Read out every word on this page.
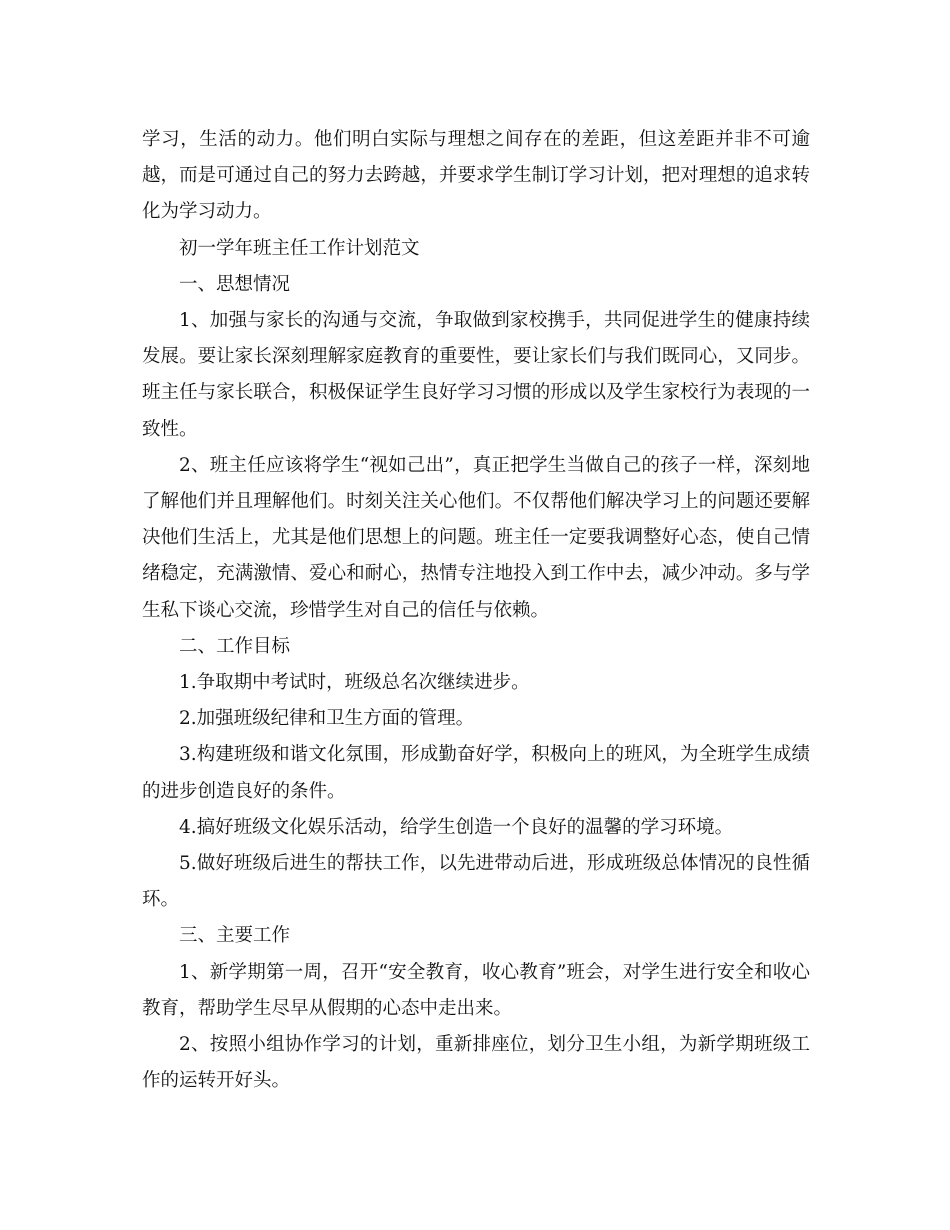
学习，生活的动力。他们明白实际与理想之间存在的差距，但这差距并非不可逾越，而是可通过自己的努力去跨越，并要求学生制订学习计划，把对理想的追求转化为学习动力。

初一学年班主任工作计划范文

一、思想情况

1、加强与家长的沟通与交流，争取做到家校携手，共同促进学生的健康持续发展。要让家长深刻理解家庭教育的重要性，要让家长们与我们既同心，又同步。班主任与家长联合，积极保证学生良好学习习惯的形成以及学生家校行为表现的一致性。

2、班主任应该将学生“视如己出”，真正把学生当做自己的孩子一样，深刻地了解他们并且理解他们。时刻关注关心他们。不仅帮他们解决学习上的问题还要解决他们生活上，尤其是他们思想上的问题。班主任一定要我调整好心态，使自己情绪稳定，充满激情、爱心和耐心，热情专注地投入到工作中去，减少冲动。多与学生私下谈心交流，珍惜学生对自己的信任与依赖。

二、工作目标

1.争取期中考试时，班级总名次继续进步。

2.加强班级纪律和卫生方面的管理。

3.构建班级和谐文化氛围，形成勤奋好学，积极向上的班风，为全班学生成绩的进步创造良好的条件。

4.搞好班级文化娱乐活动，给学生创造一个良好的温馨的学习环境。

5.做好班级后进生的帮扶工作，以先进带动后进，形成班级总体情况的良性循环。

三、主要工作

1、新学期第一周，召开“安全教育，收心教育”班会，对学生进行安全和收心教育，帮助学生尽早从假期的心态中走出来。

2、按照小组协作学习的计划，重新排座位，划分卫生小组，为新学期班级工作的运转开好头。
